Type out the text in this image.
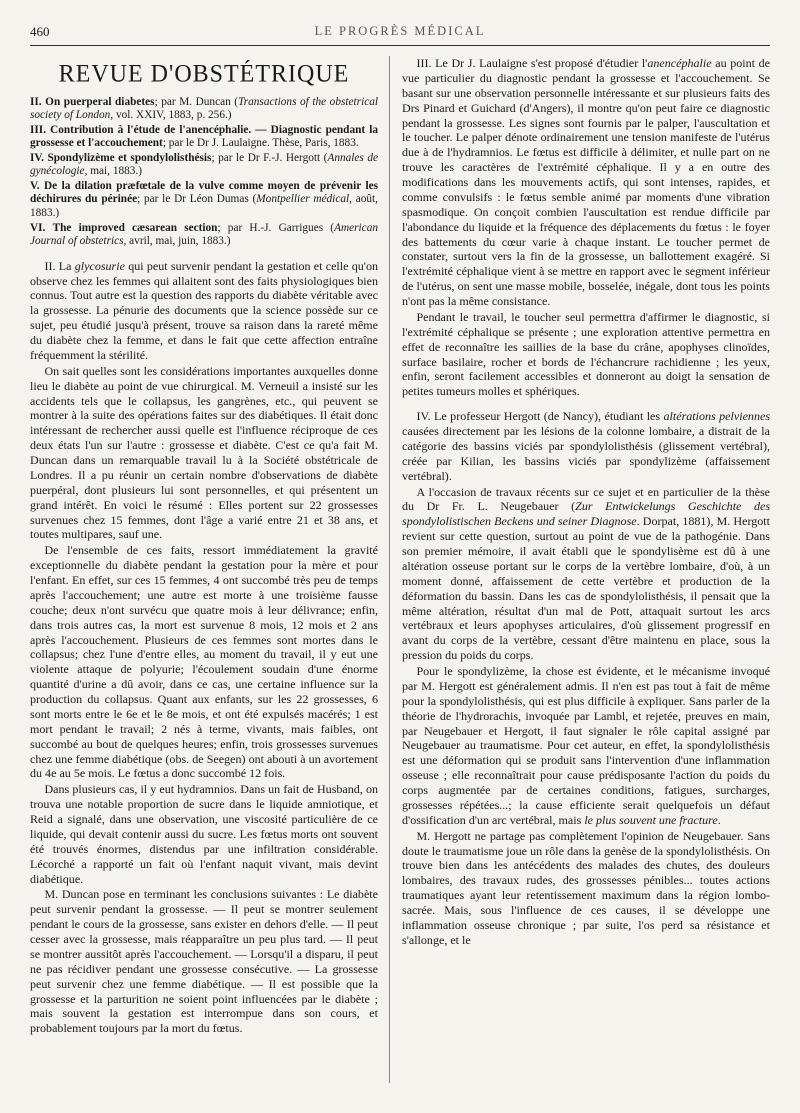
460	LE PROGRÈS MÉDICAL
REVUE D'OBSTÉTRIQUE
II. On puerperal diabetes; par M. Duncan (Transactions of the obstetrical society of London, vol. XXIV, 1883, p. 256.)
III. Contribution à l'étude de l'anencéphalie. — Diagnostic pendant la grossesse et l'accouchement; par le Dr J. Laulaigne. Thèse, Paris, 1883.
IV. Spondylizème et spondylolisthésis; par le Dr F.-J. Hergott (Annales de gynécologie, mai, 1883.)
V. De la dilation præfœtale de la vulve comme moyen de prévenir les déchirures du périnée; par le Dr Léon Dumas (Montpellier médical, août, 1883.)
VI. The improved cæsarean section; par H.-J. Garrigues (American Journal of obstetrics, avril, mai, juin, 1883.)

II. La glycosurie qui peut survenir pendant la gestation et celle qu'on observe chez les femmes qui allaitent sont des faits physiologiques bien connus. Tout autre est la question des rapports du diabète véritable avec la grossesse. La pénurie des documents que la science possède sur ce sujet, peu étudié jusqu'à présent, trouve sa raison dans la rareté même du diabète chez la femme, et dans le fait que cette affection entraîne fréquemment la stérilité.

On sait quelles sont les considérations importantes auxquelles donne lieu le diabète au point de vue chirurgical. M. Verneuil a insisté sur les accidents tels que le collapsus, les gangrènes, etc., qui peuvent se montrer à la suite des opérations faites sur des diabétiques. Il était donc intéressant de rechercher aussi quelle est l'influence réciproque de ces deux états l'un sur l'autre : grossesse et diabète. C'est ce qu'a fait M. Duncan dans un remarquable travail lu à la Société obstétricale de Londres. Il a pu réunir un certain nombre d'observations de diabète puerpéral, dont plusieurs lui sont personnelles, et qui présentent un grand intérêt. En voici le résumé : Elles portent sur 22 grossesses survenues chez 15 femmes, dont l'âge a varié entre 21 et 38 ans, et toutes multipares, sauf une.

De l'ensemble de ces faits, ressort immédiatement la gravité exceptionnelle du diabète pendant la gestation pour la mère et pour l'enfant. En effet, sur ces 15 femmes, 4 ont succombé très peu de temps après l'accouchement; une autre est morte à une troisième fausse couche; deux n'ont survécu que quatre mois à leur délivrance; enfin, dans trois autres cas, la mort est survenue 8 mois, 12 mois et 2 ans après l'accouchement. Plusieurs de ces femmes sont mortes dans le collapsus; chez l'une d'entre elles, au moment du travail, il y eut une violente attaque de polyurie; l'écoulement soudain d'une énorme quantité d'urine a dû avoir, dans ce cas, une certaine influence sur la production du collapsus. Quant aux enfants, sur les 22 grossesses, 6 sont morts entre le 6e et le 8e mois, et ont été expulsés macérés; 1 est mort pendant le travail; 2 nés à terme, vivants, mais faibles, ont succombé au bout de quelques heures; enfin, trois grossesses survenues chez une femme diabétique (obs. de Seegen) ont abouti à un avortement du 4e au 5e mois. Le fœtus a donc succombé 12 fois.

Dans plusieurs cas, il y eut hydramnios. Dans un fait de Husband, on trouva une notable proportion de sucre dans le liquide amniotique, et Reid a signalé, dans une observation, une viscosité particulière de ce liquide, qui devait contenir aussi du sucre. Les fœtus morts ont souvent été trouvés énormes, distendus par une infiltration considérable. Lécorché a rapporté un fait où l'enfant naquit vivant, mais devint diabétique.

M. Duncan pose en terminant les conclusions suivantes : Le diabète peut survenir pendant la grossesse. — Il peut se montrer seulement pendant le cours de la grossesse, sans exister en dehors d'elle. — Il peut cesser avec la grossesse, mais réapparaître un peu plus tard. — Il peut se montrer aussitôt après l'accouchement. — Lorsqu'il a disparu, il peut ne pas récidiver pendant une grossesse consécutive. — La grossesse peut survenir chez une femme diabétique. — Il est possible que la grossesse et la parturition ne soient point influencées par le diabète ; mais souvent la gestation est interrompue dans son cours, et probablement toujours par la mort du fœtus.

III. Le Dr J. Laulaigne s'est proposé d'étudier l'anencéphalie au point de vue particulier du diagnostic pendant la grossesse et l'accouchement. Se basant sur une observation personnelle intéressante et sur plusieurs faits des Drs Pinard et Guichard (d'Angers), il montre qu'on peut faire ce diagnostic pendant la grossesse. Les signes sont fournis par le palper, l'auscultation et le toucher. Le palper dénote ordinairement une tension manifeste de l'utérus due à de l'hydramnios. Le fœtus est difficile à délimiter, et nulle part on ne trouve les caractères de l'extrémité céphalique. Il y a en outre des modifications dans les mouvements actifs, qui sont intenses, rapides, et comme convulsifs : le fœtus semble animé par moments d'une vibration spasmodique. On conçoit combien l'auscultation est rendue difficile par l'abondance du liquide et la fréquence des déplacements du fœtus : le foyer des battements du cœur varie à chaque instant. Le toucher permet de constater, surtout vers la fin de la grossesse, un ballottement exagéré. Si l'extrémité céphalique vient à se mettre en rapport avec le segment inférieur de l'utérus, on sent une masse mobile, bosselée, inégale, dont tous les points n'ont pas la même consistance.

Pendant le travail, le toucher seul permettra d'affirmer le diagnostic, si l'extrémité céphalique se présente ; une exploration attentive permettra en effet de reconnaître les saillies de la base du crâne, apophyses clinoïdes, surface basilaire, rocher et bords de l'échancrure rachidienne ; les yeux, enfin, seront facilement accessibles et donneront au doigt la sensation de petites tumeurs molles et sphériques.

IV. Le professeur Hergott (de Nancy), étudiant les altérations pelviennes causées directement par les lésions de la colonne lombaire, a distrait de la catégorie des bassins viciés par spondylolisthésis (glissement vertébral), créée par Kilian, les bassins viciés par spondylizème (affaissement vertébral).

A l'occasion de travaux récents sur ce sujet et en particulier de la thèse du Dr Fr. L. Neugebauer (Zur Entwickelungs Geschichte des spondylolistischen Beckens und seiner Diagnose. Dorpat, 1881), M. Hergott revient sur cette question, surtout au point de vue de la pathogénie. Dans son premier mémoire, il avait établi que le spondylisème est dû à une altération osseuse portant sur le corps de la vertèbre lombaire, d'où, à un moment donné, affaissement de cette vertèbre et production de la déformation du bassin. Dans les cas de spondylolisthésis, il pensait que la même altération, résultat d'un mal de Pott, attaquait surtout les arcs vertébraux et leurs apophyses articulaires, d'où glissement progressif en avant du corps de la vertèbre, cessant d'être maintenu en place, sous la pression du poids du corps.

Pour le spondylizème, la chose est évidente, et le mécanisme invoqué par M. Hergott est généralement admis. Il n'en est pas tout à fait de même pour la spondylolisthésis, qui est plus difficile à expliquer. Sans parler de la théorie de l'hydrorachis, invoquée par Lambl, et rejetée, preuves en main, par Neugebauer et Hergott, il faut signaler le rôle capital assigné par Neugebauer au traumatisme. Pour cet auteur, en effet, la spondylolisthésis est une déformation qui se produit sans l'intervention d'une inflammation osseuse ; elle reconnaîtrait pour cause prédisposante l'action du poids du corps augmentée par de certaines conditions, fatigues, surcharges, grossesses répétées...; la cause efficiente serait quelquefois un défaut d'ossification d'un arc vertébral, mais le plus souvent une fracture.

M. Hergott ne partage pas complètement l'opinion de Neugebauer. Sans doute le traumatisme joue un rôle dans la genèse de la spondylolisthésis. On trouve bien dans les antécédents des malades des chutes, des douleurs lombaires, des travaux rudes, des grossesses pénibles... toutes actions traumatiques ayant leur retentissement maximum dans la région lombo-sacrée. Mais, sous l'influence de ces causes, il se développe une inflammation osseuse chronique ; par suite, l'os perd sa résistance et s'allonge, et le
